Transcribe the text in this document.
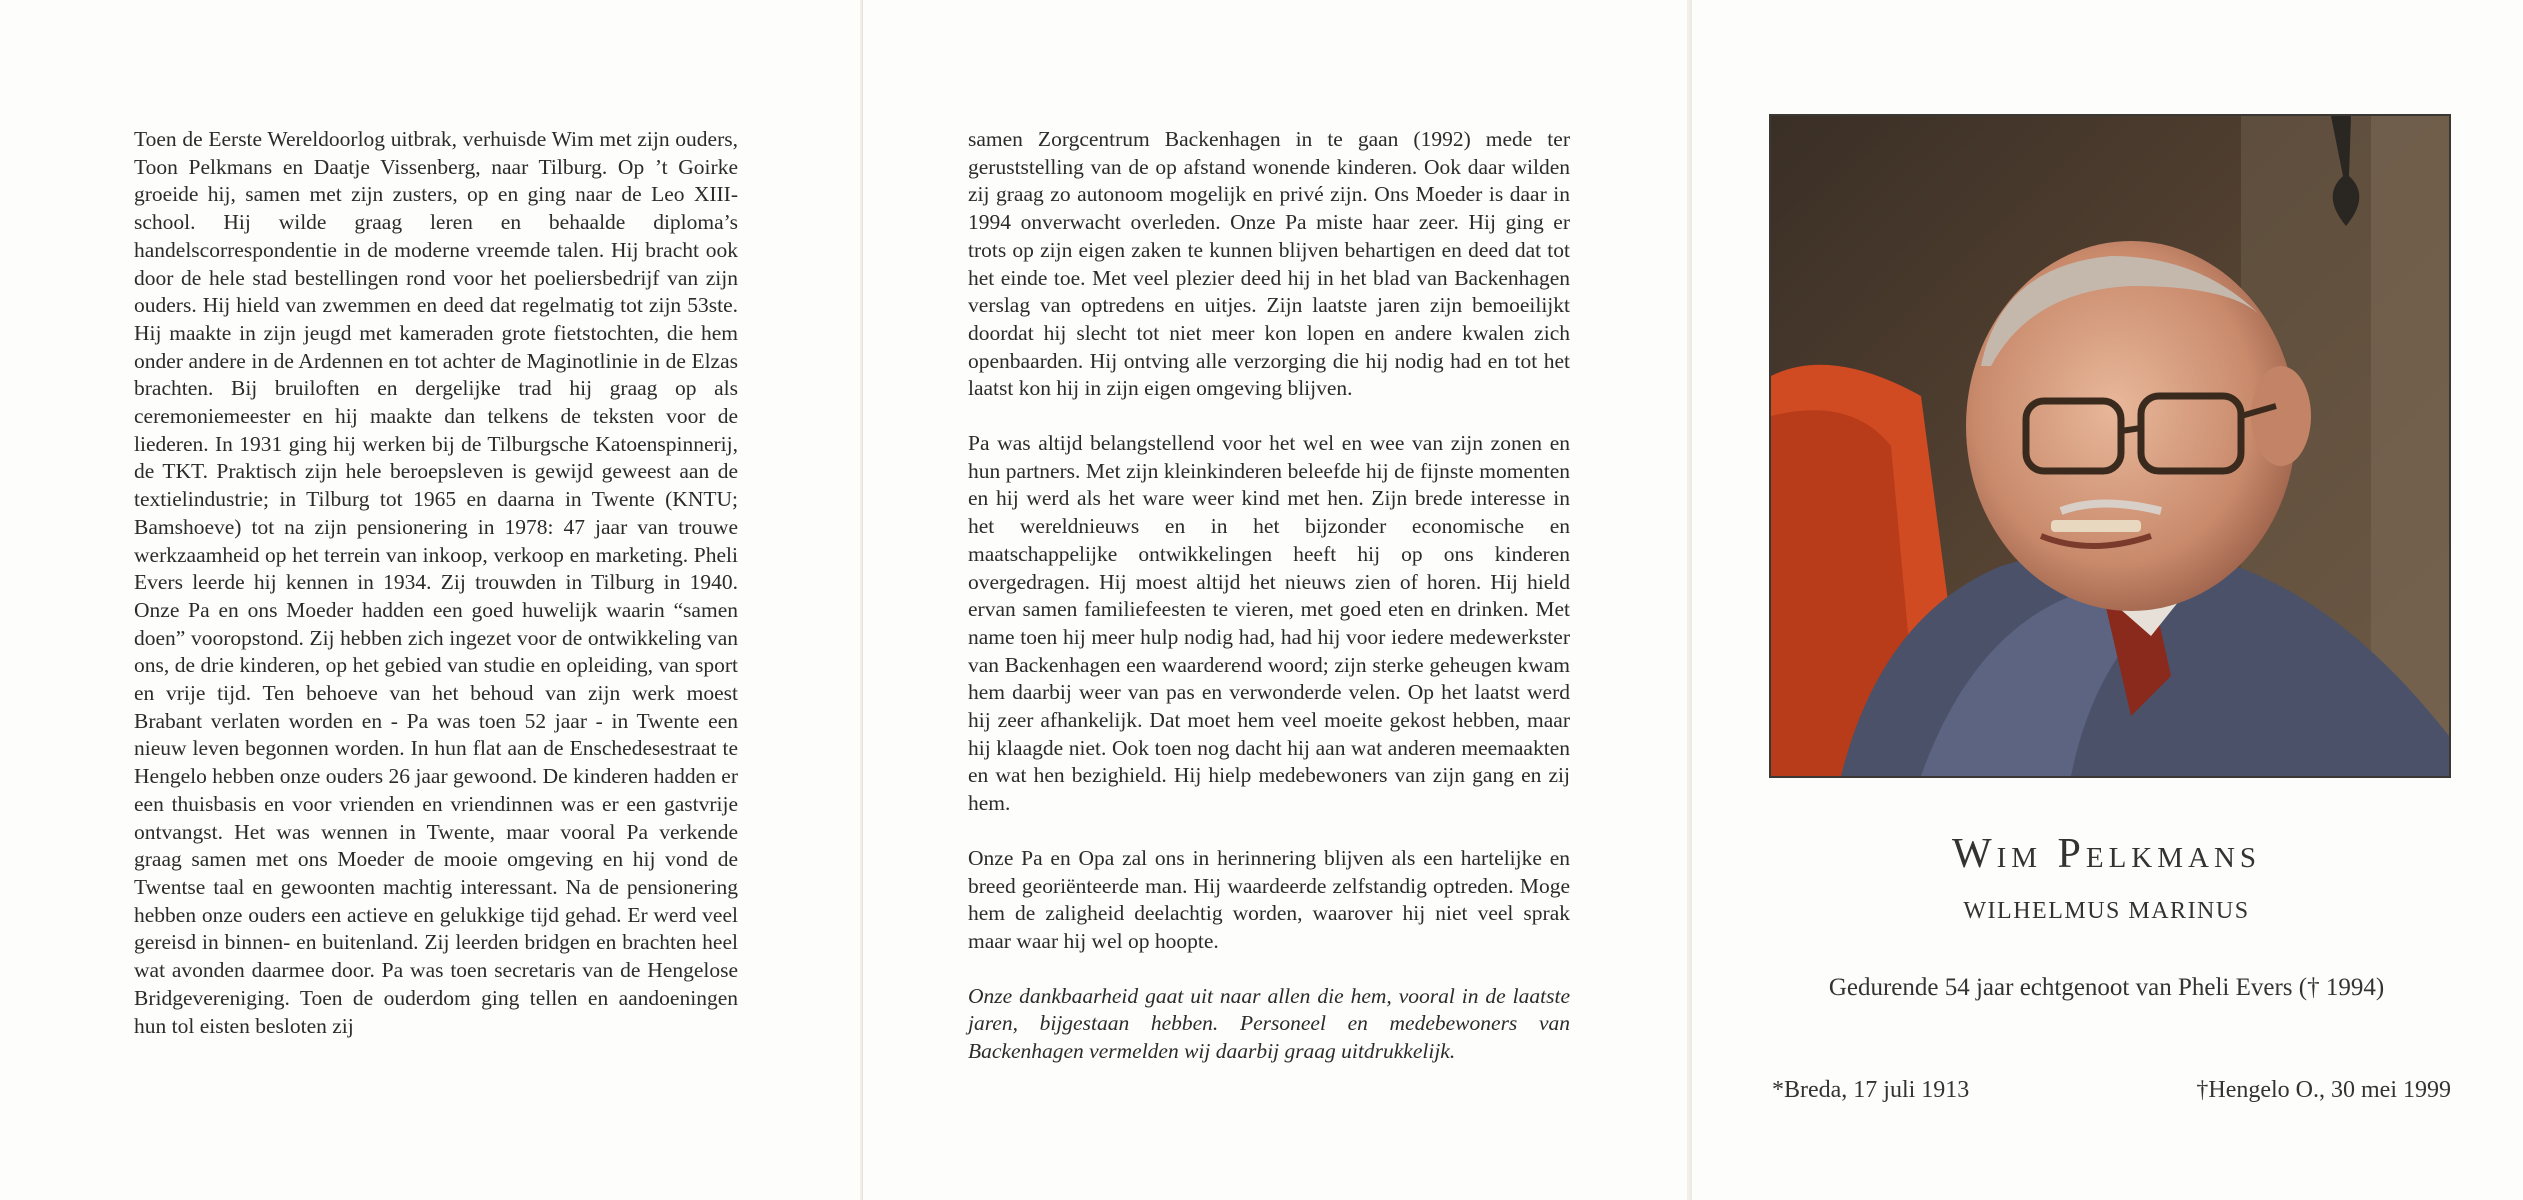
Toen de Eerste Wereldoorlog uitbrak, verhuisde Wim met zijn ouders, Toon Pelkmans en Daatje Vissenberg, naar Tilburg. Op ’t Goirke groeide hij, samen met zijn zusters, op en ging naar de Leo XIII-school. Hij wilde graag leren en behaalde diploma’s handelscorrespondentie in de moderne vreemde talen. Hij bracht ook door de hele stad bestellingen rond voor het poeliersbedrijf van zijn ouders. Hij hield van zwemmen en deed dat regelmatig tot zijn 53ste. Hij maakte in zijn jeugd met kameraden grote fietstochten, die hem onder andere in de Ardennen en tot achter de Maginotlinie in de Elzas brachten. Bij bruiloften en dergelijke trad hij graag op als ceremoniemeester en hij maakte dan telkens de teksten voor de liederen. In 1931 ging hij werken bij de Tilburgsche Katoenspinnerij, de TKT. Praktisch zijn hele beroepsleven is gewijd geweest aan de textielindustrie; in Tilburg tot 1965 en daarna in Twente (KNTU; Bamshoeve) tot na zijn pensionering in 1978: 47 jaar van trouwe werkzaamheid op het terrein van inkoop, verkoop en marketing. Pheli Evers leerde hij kennen in 1934. Zij trouwden in Tilburg in 1940. Onze Pa en ons Moeder hadden een goed huwelijk waarin “samen doen” vooropstond. Zij hebben zich ingezet voor de ontwikkeling van ons, de drie kinderen, op het gebied van studie en opleiding, van sport en vrije tijd. Ten behoeve van het behoud van zijn werk moest Brabant verlaten worden en - Pa was toen 52 jaar - in Twente een nieuw leven begonnen worden. In hun flat aan de Enschedesestraat te Hengelo hebben onze ouders 26 jaar gewoond. De kinderen hadden er een thuisbasis en voor vrienden en vriendinnen was er een gastvrije ontvangst. Het was wennen in Twente, maar vooral Pa verkende graag samen met ons Moeder de mooie omgeving en hij vond de Twentse taal en gewoonten machtig interessant. Na de pensionering hebben onze ouders een actieve en gelukkige tijd gehad. Er werd veel gereisd in binnen- en buitenland. Zij leerden bridgen en brachten heel wat avonden daarmee door. Pa was toen secretaris van de Hengelose Bridgevereniging. Toen de ouderdom ging tellen en aandoeningen hun tol eisten besloten zij

samen Zorgcentrum Backenhagen in te gaan (1992) mede ter geruststelling van de op afstand wonende kinderen. Ook daar wilden zij graag zo autonoom mogelijk en privé zijn. Ons Moeder is daar in 1994 onverwacht overleden. Onze Pa miste haar zeer. Hij ging er trots op zijn eigen zaken te kunnen blijven behartigen en deed dat tot het einde toe. Met veel plezier deed hij in het blad van Backenhagen verslag van optredens en uitjes. Zijn laatste jaren zijn bemoeilijkt doordat hij slecht tot niet meer kon lopen en andere kwalen zich openbaarden. Hij ontving alle verzorging die hij nodig had en tot het laatst kon hij in zijn eigen omgeving blijven.

Pa was altijd belangstellend voor het wel en wee van zijn zonen en hun partners. Met zijn kleinkinderen beleefde hij de fijnste momenten en hij werd als het ware weer kind met hen. Zijn brede interesse in het wereldnieuws en in het bijzonder economische en maatschappelijke ontwikkelingen heeft hij op ons kinderen overgedragen. Hij moest altijd het nieuws zien of horen. Hij hield ervan samen familiefeesten te vieren, met goed eten en drinken. Met name toen hij meer hulp nodig had, had hij voor iedere medewerkster van Backenhagen een waarderend woord; zijn sterke geheugen kwam hem daarbij weer van pas en verwonderde velen. Op het laatst werd hij zeer afhankelijk. Dat moet hem veel moeite gekost hebben, maar hij klaagde niet. Ook toen nog dacht hij aan wat anderen meemaakten en wat hen bezighield. Hij hielp medebewoners van zijn gang en zij hem.

Onze Pa en Opa zal ons in herinnering blijven als een hartelijke en breed georiënteerde man. Hij waardeerde zelfstandig optreden. Moge hem de zaligheid deelachtig worden, waarover hij niet veel sprak maar waar hij wel op hoopte.

Onze dankbaarheid gaat uit naar allen die hem, vooral in de laatste jaren, bijgestaan hebben. Personeel en medebewoners van Backenhagen vermelden wij daarbij graag uitdrukkelijk.

Wim Pelkmans
WILHELMUS MARINUS
Gedurende 54 jaar echtgenoot van Pheli Evers († 1994)
*Breda, 17 juli 1913	†Hengelo O., 30 mei 1999
